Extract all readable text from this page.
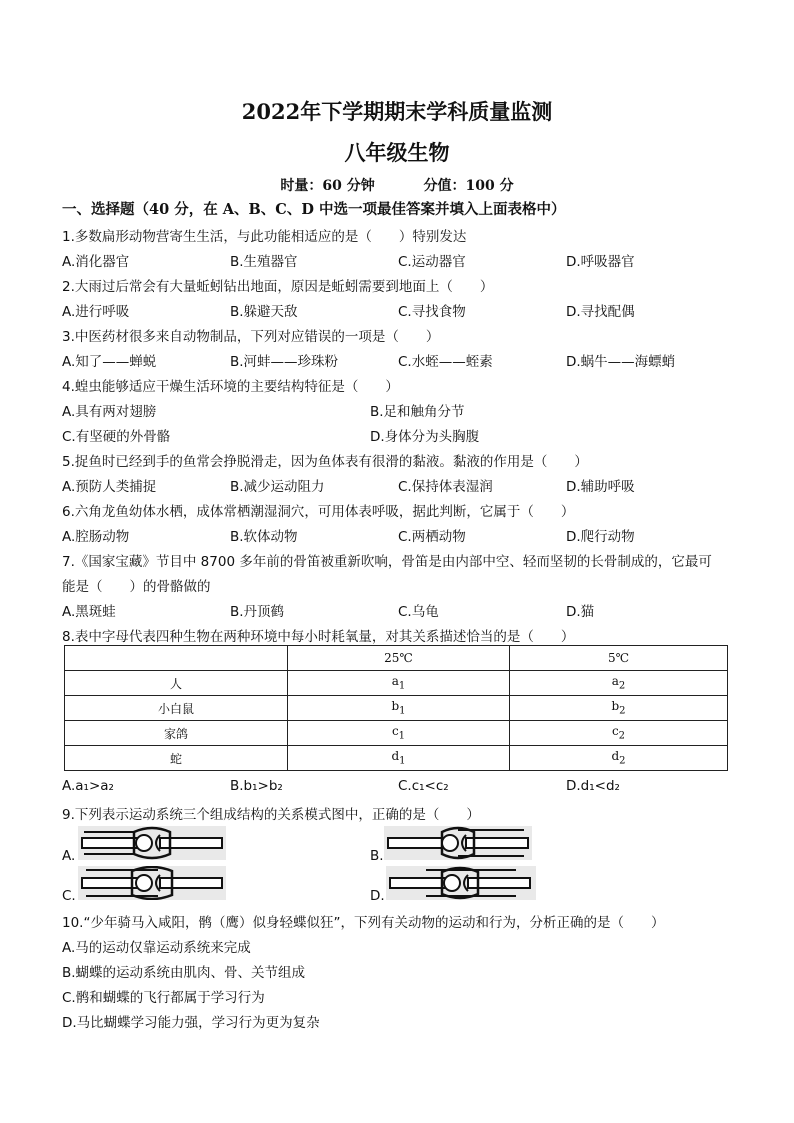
2022年下学期期末学科质量监测
八年级生物
时量：60 分钟	分值：100 分
一、选择题（40 分，在 A、B、C、D 中选一项最佳答案并填入上面表格中）
1.多数扁形动物营寄生生活，与此功能相适应的是（　　）特别发达
A.消化器官	B.生殖器官	C.运动器官	D.呼吸器官
2.大雨过后常会有大量蚯蚓钻出地面，原因是蚯蚓需要到地面上（　　）
A.进行呼吸	B.躲避天敌	C.寻找食物	D.寻找配偶
3.中医药材很多来自动物制品，下列对应错误的一项是（　　）
A.知了——蝉蜕	B.河蚌——珍珠粉	C.水蛭——蛭素	D.蜗牛——海螵蛸
4.蝗虫能够适应干燥生活环境的主要结构特征是（　　）
A.具有两对翅膀	B.足和触角分节
C.有坚硬的外骨骼	D.身体分为头胸腹
5.捉鱼时已经到手的鱼常会挣脱滑走，因为鱼体表有很滑的黏液。黏液的作用是（　　）
A.预防人类捕捉	B.减少运动阻力	C.保持体表湿润	D.辅助呼吸
6.六角龙鱼幼体水栖，成体常栖潮湿洞穴，可用体表呼吸，据此判断，它属于（　　）
A.腔肠动物	B.软体动物	C.两栖动物	D.爬行动物
7.《国家宝藏》节目中 8700 多年前的骨笛被重新吹响，骨笛是由内部中空、轻而坚韧的长骨制成的，它最可
能是（　　）的骨骼做的
A.黑斑蛙	B.丹顶鹤	C.乌龟	D.猫
8.表中字母代表四种生物在两种环境中每小时耗氧量，对其关系描述恰当的是（　　）
	25℃	5℃
人	$a_1$	$a_2$
小白鼠	$b_1$	$b_2$
家鸽	$c_1$	$c_2$
蛇	$d_1$	$d_2$
A.a₁>a₂	B.b₁>b₂	C.c₁<c₂	D.d₁<d₂
9.下列表示运动系统三个组成结构的关系模式图中，正确的是（　　）
A.	B.
C.	D.
10.“少年骑马入咸阳，鹘（鹰）似身轻蝶似狂”，下列有关动物的运动和行为，分析正确的是（　　）
A.马的运动仅靠运动系统来完成
B.蝴蝶的运动系统由肌肉、骨、关节组成
C.鹘和蝴蝶的飞行都属于学习行为
D.马比蝴蝶学习能力强，学习行为更为复杂
